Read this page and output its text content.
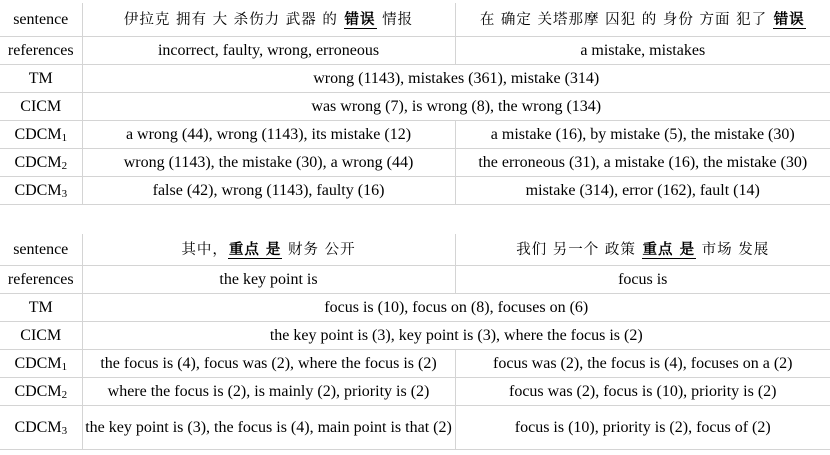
sentence	伊拉克 拥有 大 杀伤力 武器 的 错误 情报	在 确定 关塔那摩 囚犯 的 身份 方面 犯了 错误
references	incorrect, faulty, wrong, erroneous	a mistake, mistakes
TM	wrong (1143), mistakes (361), mistake (314)	
CICM	was wrong (7), is wrong (8), the wrong (134)	
$CDCM_1$	a wrong (44), wrong (1143), its mistake (12)	a mistake (16), by mistake (5), the mistake (30)
$CDCM_2$	wrong (1143), the mistake (30), a wrong (44)	the erroneous (31), a mistake (16), the mistake (30)
$CDCM_3$	false (42), wrong (1143), faulty (16)	mistake (314), error (162), fault (14)
sentence	其中，重点 是 财务 公开	我们 另一个 政策 重点 是 市场 发展
references	the key point is	focus is
TM	focus is (10), focus on (8), focuses on (6)	
CICM	the key point is (3), key point is (3), where the focus is (2)	
$CDCM_1$	the focus is (4), focus was (2), where the focus is (2)	focus was (2), the focus is (4), focuses on a (2)
$CDCM_2$	where the focus is (2), is mainly (2), priority is (2)	focus was (2), focus is (10), priority is (2)
$CDCM_3$	the key point is (3), the focus is (4), main point is that (2)	focus is (10), priority is (2), focus of (2)
